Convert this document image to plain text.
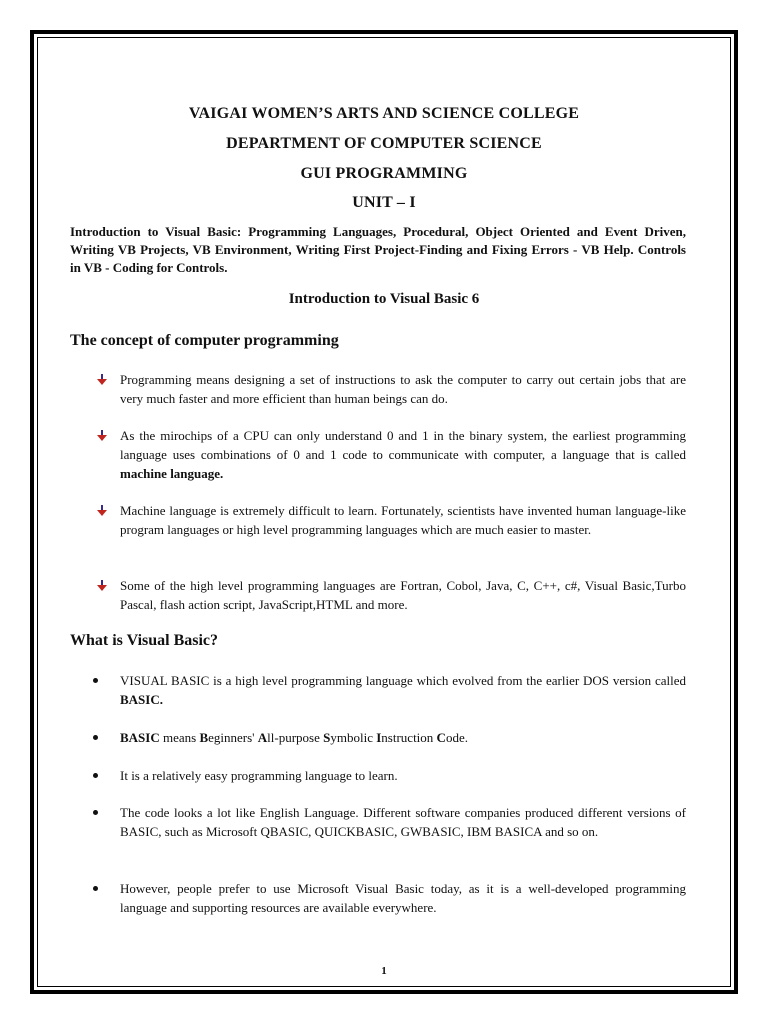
VAIGAI WOMEN’S ARTS AND SCIENCE COLLEGE
DEPARTMENT OF COMPUTER SCIENCE
GUI PROGRAMMING
UNIT – I
Introduction to Visual Basic: Programming Languages, Procedural, Object Oriented and Event Driven, Writing VB Projects, VB Environment, Writing First Project-Finding and Fixing Errors - VB Help. Controls in VB - Coding for Controls.
Introduction to Visual Basic 6
The concept of computer programming
Programming means designing a set of instructions to ask the computer to carry out certain jobs that are very much faster and more efficient than human beings can do.
As the mirochips of a CPU can only understand 0 and 1 in the binary system, the earliest programming language uses combinations of 0 and 1 code to communicate with computer, a language that is called machine language.
Machine language is extremely difficult to learn. Fortunately, scientists have invented human language-like program languages or high level programming languages which are much easier to master.
Some of the high level programming languages are Fortran, Cobol, Java, C, C++, c#, Visual Basic,Turbo Pascal, flash action script, JavaScript,HTML and more.
What is Visual Basic?
VISUAL BASIC is a high level programming language which evolved from the earlier DOS version called BASIC.
BASIC means Beginners' All-purpose Symbolic Instruction Code.
It is a relatively easy programming language to learn.
The code looks a lot like English Language. Different software companies produced different versions of BASIC, such as Microsoft QBASIC, QUICKBASIC, GWBASIC, IBM BASICA and so on.
However, people prefer to use Microsoft Visual Basic today, as it is a well-developed programming language and supporting resources are available everywhere.
1
